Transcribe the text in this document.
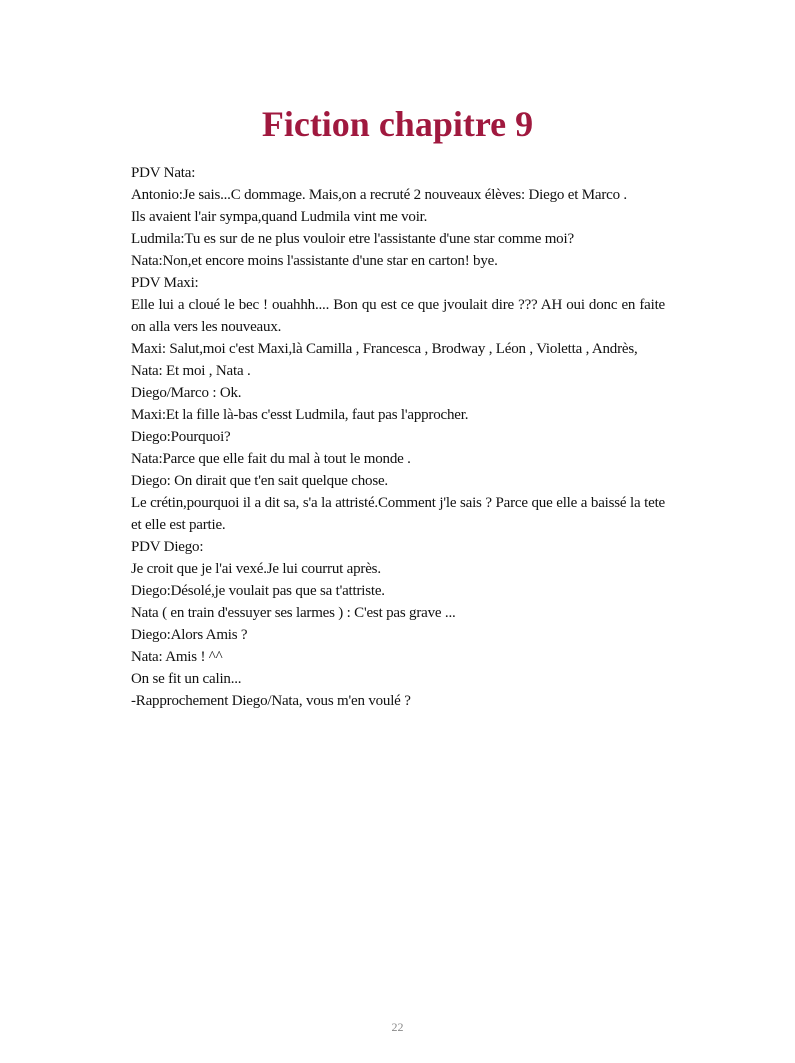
Fiction chapitre 9

PDV Nata:

Antonio:Je sais...C dommage. Mais,on a recruté 2 nouveaux élèves: Diego et Marco .

Ils avaient l'air sympa,quand Ludmila vint me voir.

Ludmila:Tu es sur de ne plus vouloir etre l'assistante d'une star comme moi?

Nata:Non,et encore moins l'assistante d'une star en carton! bye.

PDV Maxi:

Elle lui a cloué le bec ! ouahhh.... Bon qu est ce que jvoulait dire ??? AH oui donc en faite on alla vers les nouveaux.

Maxi: Salut,moi c'est Maxi,là Camilla , Francesca , Brodway , Léon , Violetta , Andrès,

Nata: Et moi , Nata .

Diego/Marco : Ok.

Maxi:Et la fille là-bas c'esst Ludmila, faut pas l'approcher.

Diego:Pourquoi?

Nata:Parce que elle fait du mal à tout le monde .

Diego: On dirait que t'en sait quelque chose.

Le crétin,pourquoi il a dit sa, s'a la attristé.Comment j'le sais ? Parce que elle a baissé la tete et elle est partie.

PDV Diego:

Je croit que je l'ai vexé.Je lui courrut après.

Diego:Désolé,je voulait pas que sa t'attriste.

Nata ( en train d'essuyer ses larmes ) : C'est pas grave ...

Diego:Alors Amis ?

Nata: Amis ! ^^

On se fit un calin...

-Rapprochement Diego/Nata, vous m'en voulé ?

22
